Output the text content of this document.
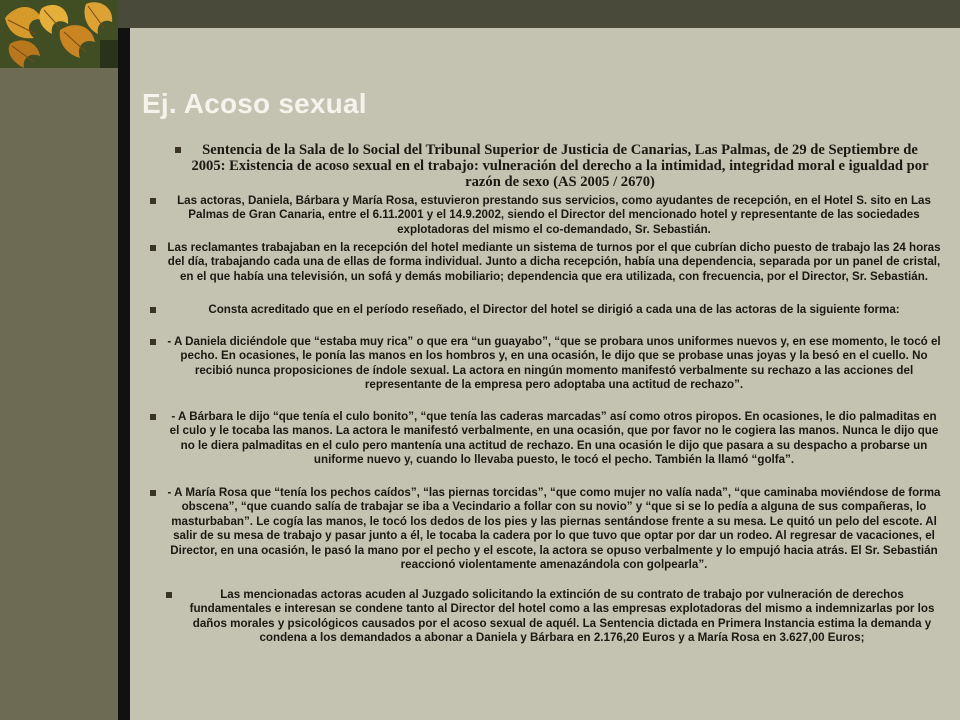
Ej. Acoso sexual

Sentencia de la Sala de lo Social del Tribunal Superior de Justicia de Canarias, Las Palmas, de 29 de Septiembre de 2005: Existencia de acoso sexual en el trabajo: vulneración del derecho a la intimidad, integridad moral e igualdad por razón de sexo (AS 2005 / 2670)

Las actoras, Daniela, Bárbara y María Rosa, estuvieron prestando sus servicios, como ayudantes de recepción, en el Hotel S. sito en Las Palmas de Gran Canaria, entre el 6.11.2001 y el 14.9.2002, siendo el Director del mencionado hotel y representante de las sociedades explotadoras del mismo el co-demandado, Sr. Sebastián.

Las reclamantes trabajaban en la recepción del hotel mediante un sistema de turnos por el que cubrían dicho puesto de trabajo las 24 horas del día, trabajando cada una de ellas de forma individual. Junto a dicha recepción, había una dependencia, separada por un panel de cristal, en el que había una televisión, un sofá y demás mobiliario; dependencia que era utilizada, con frecuencia, por el Director, Sr. Sebastián.

Consta acreditado que en el período reseñado, el Director del hotel se dirigió a cada una de las actoras de la siguiente forma:

- A Daniela diciéndole que “estaba muy rica” o que era “un guayabo”, “que se probara unos uniformes nuevos y, en ese momento, le tocó el pecho. En ocasiones, le ponía las manos en los hombros y, en una ocasión, le dijo que se probase unas joyas y la besó en el cuello. No recibió nunca proposiciones de índole sexual. La actora en ningún momento manifestó verbalmente su rechazo a las acciones del representante de la empresa pero adoptaba una actitud de rechazo”.

- A Bárbara le dijo “que tenía el culo bonito”, “que tenía las caderas marcadas” así como otros piropos. En ocasiones, le dio palmaditas en el culo y le tocaba las manos. La actora le manifestó verbalmente, en una ocasión, que por favor no le cogiera las manos. Nunca le dijo que no le diera palmaditas en el culo pero mantenía una actitud de rechazo. En una ocasión le dijo que pasara a su despacho a probarse un uniforme nuevo y, cuando lo llevaba puesto, le tocó el pecho. También la llamó “golfa”.

- A María Rosa que “tenía los pechos caídos”, “las piernas torcidas”, “que como mujer no valía nada”, “que caminaba moviéndose de forma obscena”, “que cuando salía de trabajar se iba a Vecindario a follar con su novio” y “que si se lo pedía a alguna de sus compañeras, lo masturbaban”. Le cogía las manos, le tocó los dedos de los pies y las piernas sentándose frente a su mesa. Le quitó un pelo del escote. Al salir de su mesa de trabajo y pasar junto a él, le tocaba la cadera por lo que tuvo que optar por dar un rodeo. Al regresar de vacaciones, el Director, en una ocasión, le pasó la mano por el pecho y el escote, la actora se opuso verbalmente y lo empujó hacia atrás. El Sr. Sebastián reaccionó violentamente amenazándola con golpearla”.

Las mencionadas actoras acuden al Juzgado solicitando la extinción de su contrato de trabajo por vulneración de derechos fundamentales e interesan se condene tanto al Director del hotel como a las empresas explotadoras del mismo a indemnizarlas por los daños morales y psicológicos causados por el acoso sexual de aquél. La Sentencia dictada en Primera Instancia estima la demanda y condena a los demandados a abonar a Daniela y Bárbara en 2.176,20 Euros y a María Rosa en 3.627,00 Euros;
